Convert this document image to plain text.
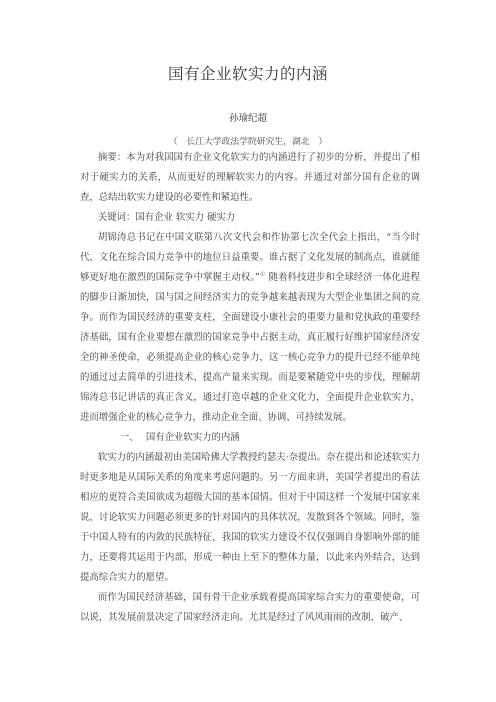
国有企业软实力的内涵
孙瑜纪超
（　长江大学政法学院研究生，湖北　）

摘要：本为对我国国有企业文化软实力的内涵进行了初步的分析，并提出了相对于硬实力的关系，从而更好的理解软实力的内容。并通过对部分国有企业的调查，总结出软实力建设的必要性和紧迫性。

关键词：国有企业 软实力 硬实力

胡锦涛总书记在中国文联第八次文代会和作协第七次全代会上指出，“当今时代，文化在综合国力竞争中的地位日益重要。谁占据了文化发展的制高点，谁就能够更好地在激烈的国际竞争中掌握主动权。”① 随着科技进步和全球经济一体化进程的脚步日渐加快，国与国之间经济实力的竞争越来越表现为大型企业集团之间的竞争。而作为国民经济的重要支柱，全面建设小康社会的重要力量和党执政的重要经济基础，国有企业要想在激烈的国家竞争中占据主动，真正履行好维护国家经济安全的神圣使命，必须提高企业的核心竞争力，这一核心竞争力的提升已经不能单纯的通过过去简单的引进技术、提高产量来实现。而是要紧随党中央的步伐，理解胡锦涛总书记讲话的真正含义，通过打造卓越的企业文化力，全面提升企业软实力，进而增强企业的核心竞争力，推动企业全面、协调、可持续发展。

一、 国有企业软实力的内涵

软实力的内涵最初由美国哈佛大学教授约瑟夫·奈提出。奈在提出和论述软实力时更多地是从国际关系的角度来考虑问题的。另一方面来讲，美国学者提出的看法相应的更符合美国欲成为超级大国的基本国情。但对于中国这样一个发展中国家来说，讨论软实力问题必须更多的针对国内的具体状况，发散到各个领域。同时，鉴于中国人特有的内敛的民族特征，我国的软实力建设不仅仅强调自身影响外部的能力，还要将其运用于内部，形成一种由上至下的整体力量，以此来内外结合，达到提高综合实力的愿望。

而作为国民经济基础，国有骨干企业承载着提高国家综合实力的重要使命，可以说，其发展前景决定了国家经济走向。尤其是经过了风风雨雨的改制、破产、
